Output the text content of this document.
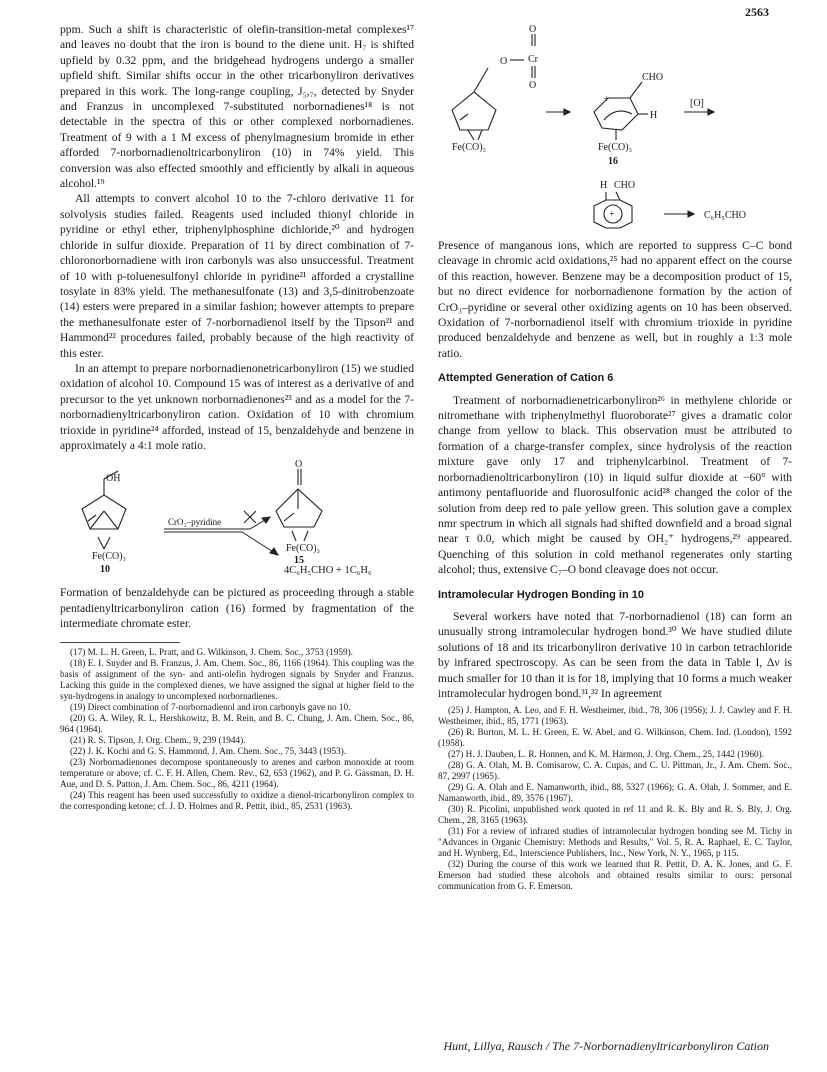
2563

ppm. Such a shift is characteristic of olefin-transition-metal complexes¹⁷ and leaves no doubt that the iron is bound to the diene unit. H₇ is shifted upfield by 0.32 ppm, and the bridgehead hydrogens undergo a smaller upfield shift. Similar shifts occur in the other tricarbonyliron derivatives prepared in this work. The long-range coupling, J₅,₇, detected by Snyder and Franzus in uncomplexed 7-substituted norbornadienes¹⁸ is not detectable in the spectra of this or other complexed norbornadienes. Treatment of 9 with a 1 M excess of phenylmagnesium bromide in ether afforded 7-norbornadienoltricarbonyliron (10) in 74% yield. This conversion was also effected smoothly and efficiently by alkali in aqueous alcohol.¹⁹

All attempts to convert alcohol 10 to the 7-chloro derivative 11 for solvolysis studies failed. Reagents used included thionyl chloride in pyridine or ethyl ether, triphenylphosphine dichloride,²⁰ and hydrogen chloride in sulfur dioxide. Preparation of 11 by direct combination of 7-chloronorbornadiene with iron carbonyls was also unsuccessful. Treatment of 10 with p-toluenesulfonyl chloride in pyridine²¹ afforded a crystalline tosylate in 83% yield. The methanesulfonate (13) and 3,5-dinitrobenzoate (14) esters were prepared in a similar fashion; however attempts to prepare the methanesulfonate ester of 7-norbornadienol itself by the Tipson²¹ and Hammond²² procedures failed, probably because of the high reactivity of this ester.

In an attempt to prepare norbornadienonetricarbonyliron (15) we studied oxidation of alcohol 10. Compound 15 was of interest as a derivative of and precursor to the yet unknown norbornadienones²³ and as a model for the 7-norbornadienyltricarbonyliron cation. Oxidation of 10 with chromium trioxide in pyridine²⁴ afforded, instead of 15, benzaldehyde and benzene in approximately a 4:1 mole ratio.

OH
CrO₃–pyridine
Fe(CO)₃
10
O
Fe(CO)₃
15
4C₆H₅CHO + 1C₆H₆

Formation of benzaldehyde can be pictured as proceeding through a stable pentadienyltricarbonyliron cation (16) formed by fragmentation of the intermediate chromate ester.

(17) M. L. H. Green, L. Pratt, and G. Wilkinson, J. Chem. Soc., 3753 (1959).
(18) E. I. Snyder and B. Franzus, J. Am. Chem. Soc., 86, 1166 (1964). This coupling was the basis of assignment of the syn- and anti-olefin hydrogen signals by Snyder and Franzus. Lacking this guide in the complexed dienes, we have assigned the signal at higher field to the syn-hydrogens in analogy to uncomplexed norbornadienes.
(19) Direct combination of 7-norbornadienol and iron carbonyls gave no 10.
(20) G. A. Wiley, R. L. Hershkowitz, B. M. Rein, and B. C. Chung, J. Am. Chem. Soc., 86, 964 (1964).
(21) R. S. Tipson, J. Org. Chem., 9, 239 (1944).
(22) J. K. Kochi and G. S. Hammond, J. Am. Chem. Soc., 75, 3443 (1953).
(23) Norbornadienones decompose spontaneously to arenes and carbon monoxide at room temperature or above; cf. C. F. H. Allen, Chem. Rev., 62, 653 (1962), and P. G. Gassman, D. H. Aue, and D. S. Patton, J. Am. Chem. Soc., 86, 4211 (1964).
(24) This reagent has been used successfully to oxidize a dienol-tricarbonyliron complex to the corresponding ketone; cf. J. D. Holmes and R. Pettit, ibid., 85, 2531 (1963).
O
Cr
O
O
Fe(CO)₃
CHO
H
+
Fe(CO)₃
16
[O]
H CHO
+	C₆H₅CHO

Presence of manganous ions, which are reported to suppress C–C bond cleavage in chromic acid oxidations,²⁵ had no apparent effect on the course of this reaction, however. Benzene may be a decomposition product of 15, but no direct evidence for norbornadienone formation by the action of CrO₃–pyridine or several other oxidizing agents on 10 has been observed. Oxidation of 7-norbornadienol itself with chromium trioxide in pyridine produced benzaldehyde and benzene as well, but in roughly a 1:3 mole ratio.

Attempted Generation of Cation 6

Treatment of norbornadienetricarbonyliron²⁶ in methylene chloride or nitromethane with triphenylmethyl fluoroborate²⁷ gives a dramatic color change from yellow to black. This observation must be attributed to formation of a charge-transfer complex, since hydrolysis of the reaction mixture gave only 17 and triphenylcarbinol. Treatment of 7-norbornadienoltricarbonyliron (10) in liquid sulfur dioxide at −60° with antimony pentafluoride and fluorosulfonic acid²⁸ changed the color of the solution from deep red to pale yellow green. This solution gave a complex nmr spectrum in which all signals had shifted downfield and a broad signal near τ 0.0, which might be caused by OH₂⁺ hydrogens,²⁹ appeared. Quenching of this solution in cold methanol regenerates only starting alcohol; thus, extensive C₇–O bond cleavage does not occur.

Intramolecular Hydrogen Bonding in 10

Several workers have noted that 7-norbornadienol (18) can form an unusually strong intramolecular hydrogen bond.³⁰ We have studied dilute solutions of 18 and its tricarbonyliron derivative 10 in carbon tetrachloride by infrared spectroscopy. As can be seen from the data in Table I, Δν is much smaller for 10 than it is for 18, implying that 10 forms a much weaker intramolecular hydrogen bond.³¹,³² In agreement

(25) J. Hampton, A. Leo, and F. H. Westheimer, ibid., 78, 306 (1956); J. J. Cawley and F. H. Westheimer, ibid., 85, 1771 (1963).
(26) R. Burton, M. L. H. Green, E. W. Abel, and G. Wilkinson, Chem. Ind. (London), 1592 (1958).
(27) H. J. Dauben, L. R. Honnen, and K. M. Harmon, J. Org. Chem., 25, 1442 (1960).
(28) G. A. Olah, M. B. Comisarow, C. A. Cupas, and C. U. Pittman, Jr., J. Am. Chem. Soc., 87, 2997 (1965).
(29) G. A. Olah and E. Namanworth, ibid., 88, 5327 (1966); G. A. Olah, J. Sommer, and E. Namanworth, ibid., 89, 3576 (1967).
(30) R. Picolini, unpublished work quoted in ref 11 and R. K. Bly and R. S. Bly, J. Org. Chem., 28, 3165 (1963).
(31) For a review of infrared studies of intramolecular hydrogen bonding see M. Tichy in "Advances in Organic Chemistry: Methods and Results," Vol. 5, R. A. Raphael, E. C. Taylor, and H. Wynberg, Ed., Interscience Publishers, Inc., New York, N. Y., 1965, p 115.
(32) During the course of this work we learned that R. Pettit, D. A. K. Jones, and G. F. Emerson had studied these alcohols and obtained results similar to ours: personal communication from G. F. Emerson.
Hunt, Lillya, Rausch / The 7-Norbornadienyltricarbonyliron Cation
